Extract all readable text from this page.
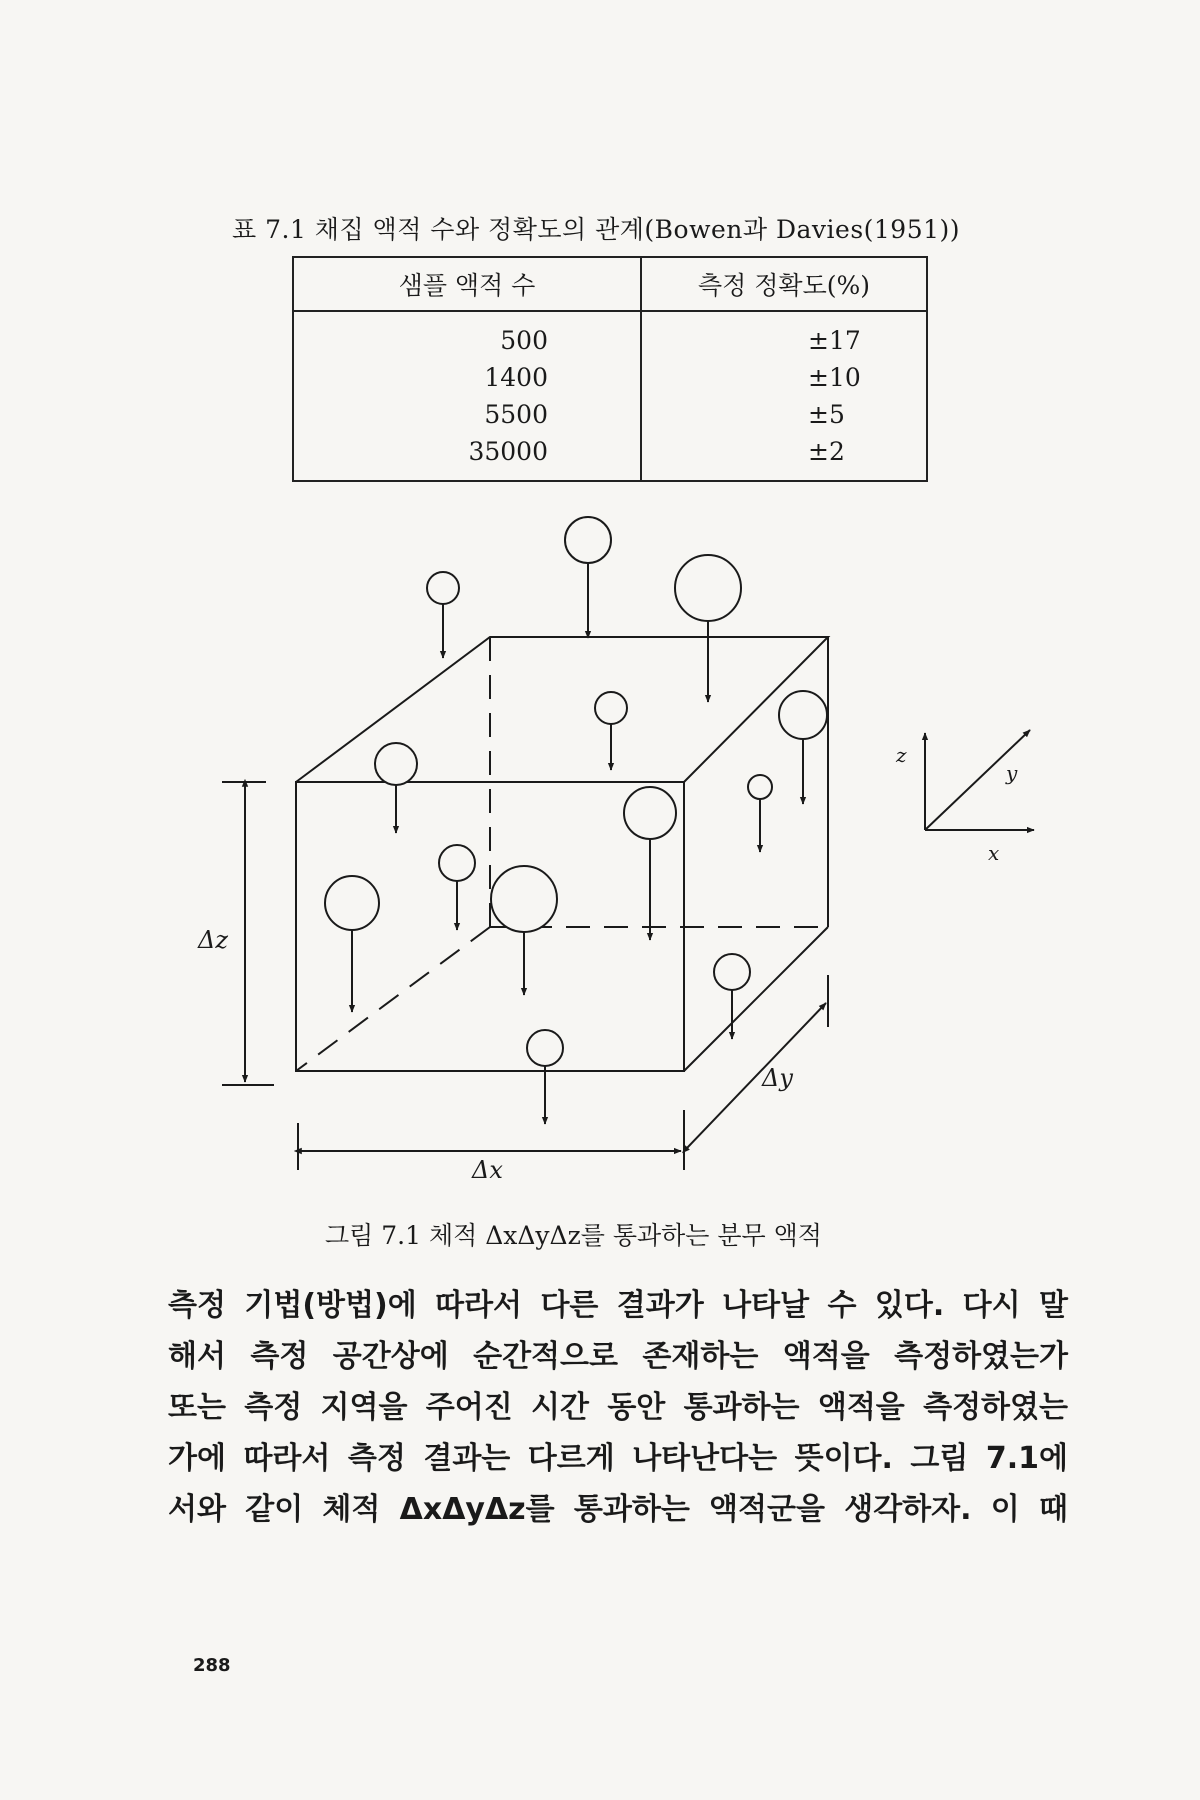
표 7.1 채집 액적 수와 정확도의 관계(Bowen과 Davies(1951))
샘플 액적 수	측정 정확도(%)
500	±17
1400	±10
5500	±5
35000	±2
Δz
Δx
Δy
z
y
x
그림 7.1 체적 ΔxΔyΔz를 통과하는 분무 액적

측정 기법(방법)에 따라서 다른 결과가 나타날 수 있다. 다시 말

해서 측정 공간상에 순간적으로 존재하는 액적을 측정하였는가

또는 측정 지역을 주어진 시간 동안 통과하는 액적을 측정하였는

가에 따라서 측정 결과는 다르게 나타난다는 뜻이다. 그림 7.1에

서와 같이 체적 ΔxΔyΔz를 통과하는 액적군을 생각하자. 이 때

288
